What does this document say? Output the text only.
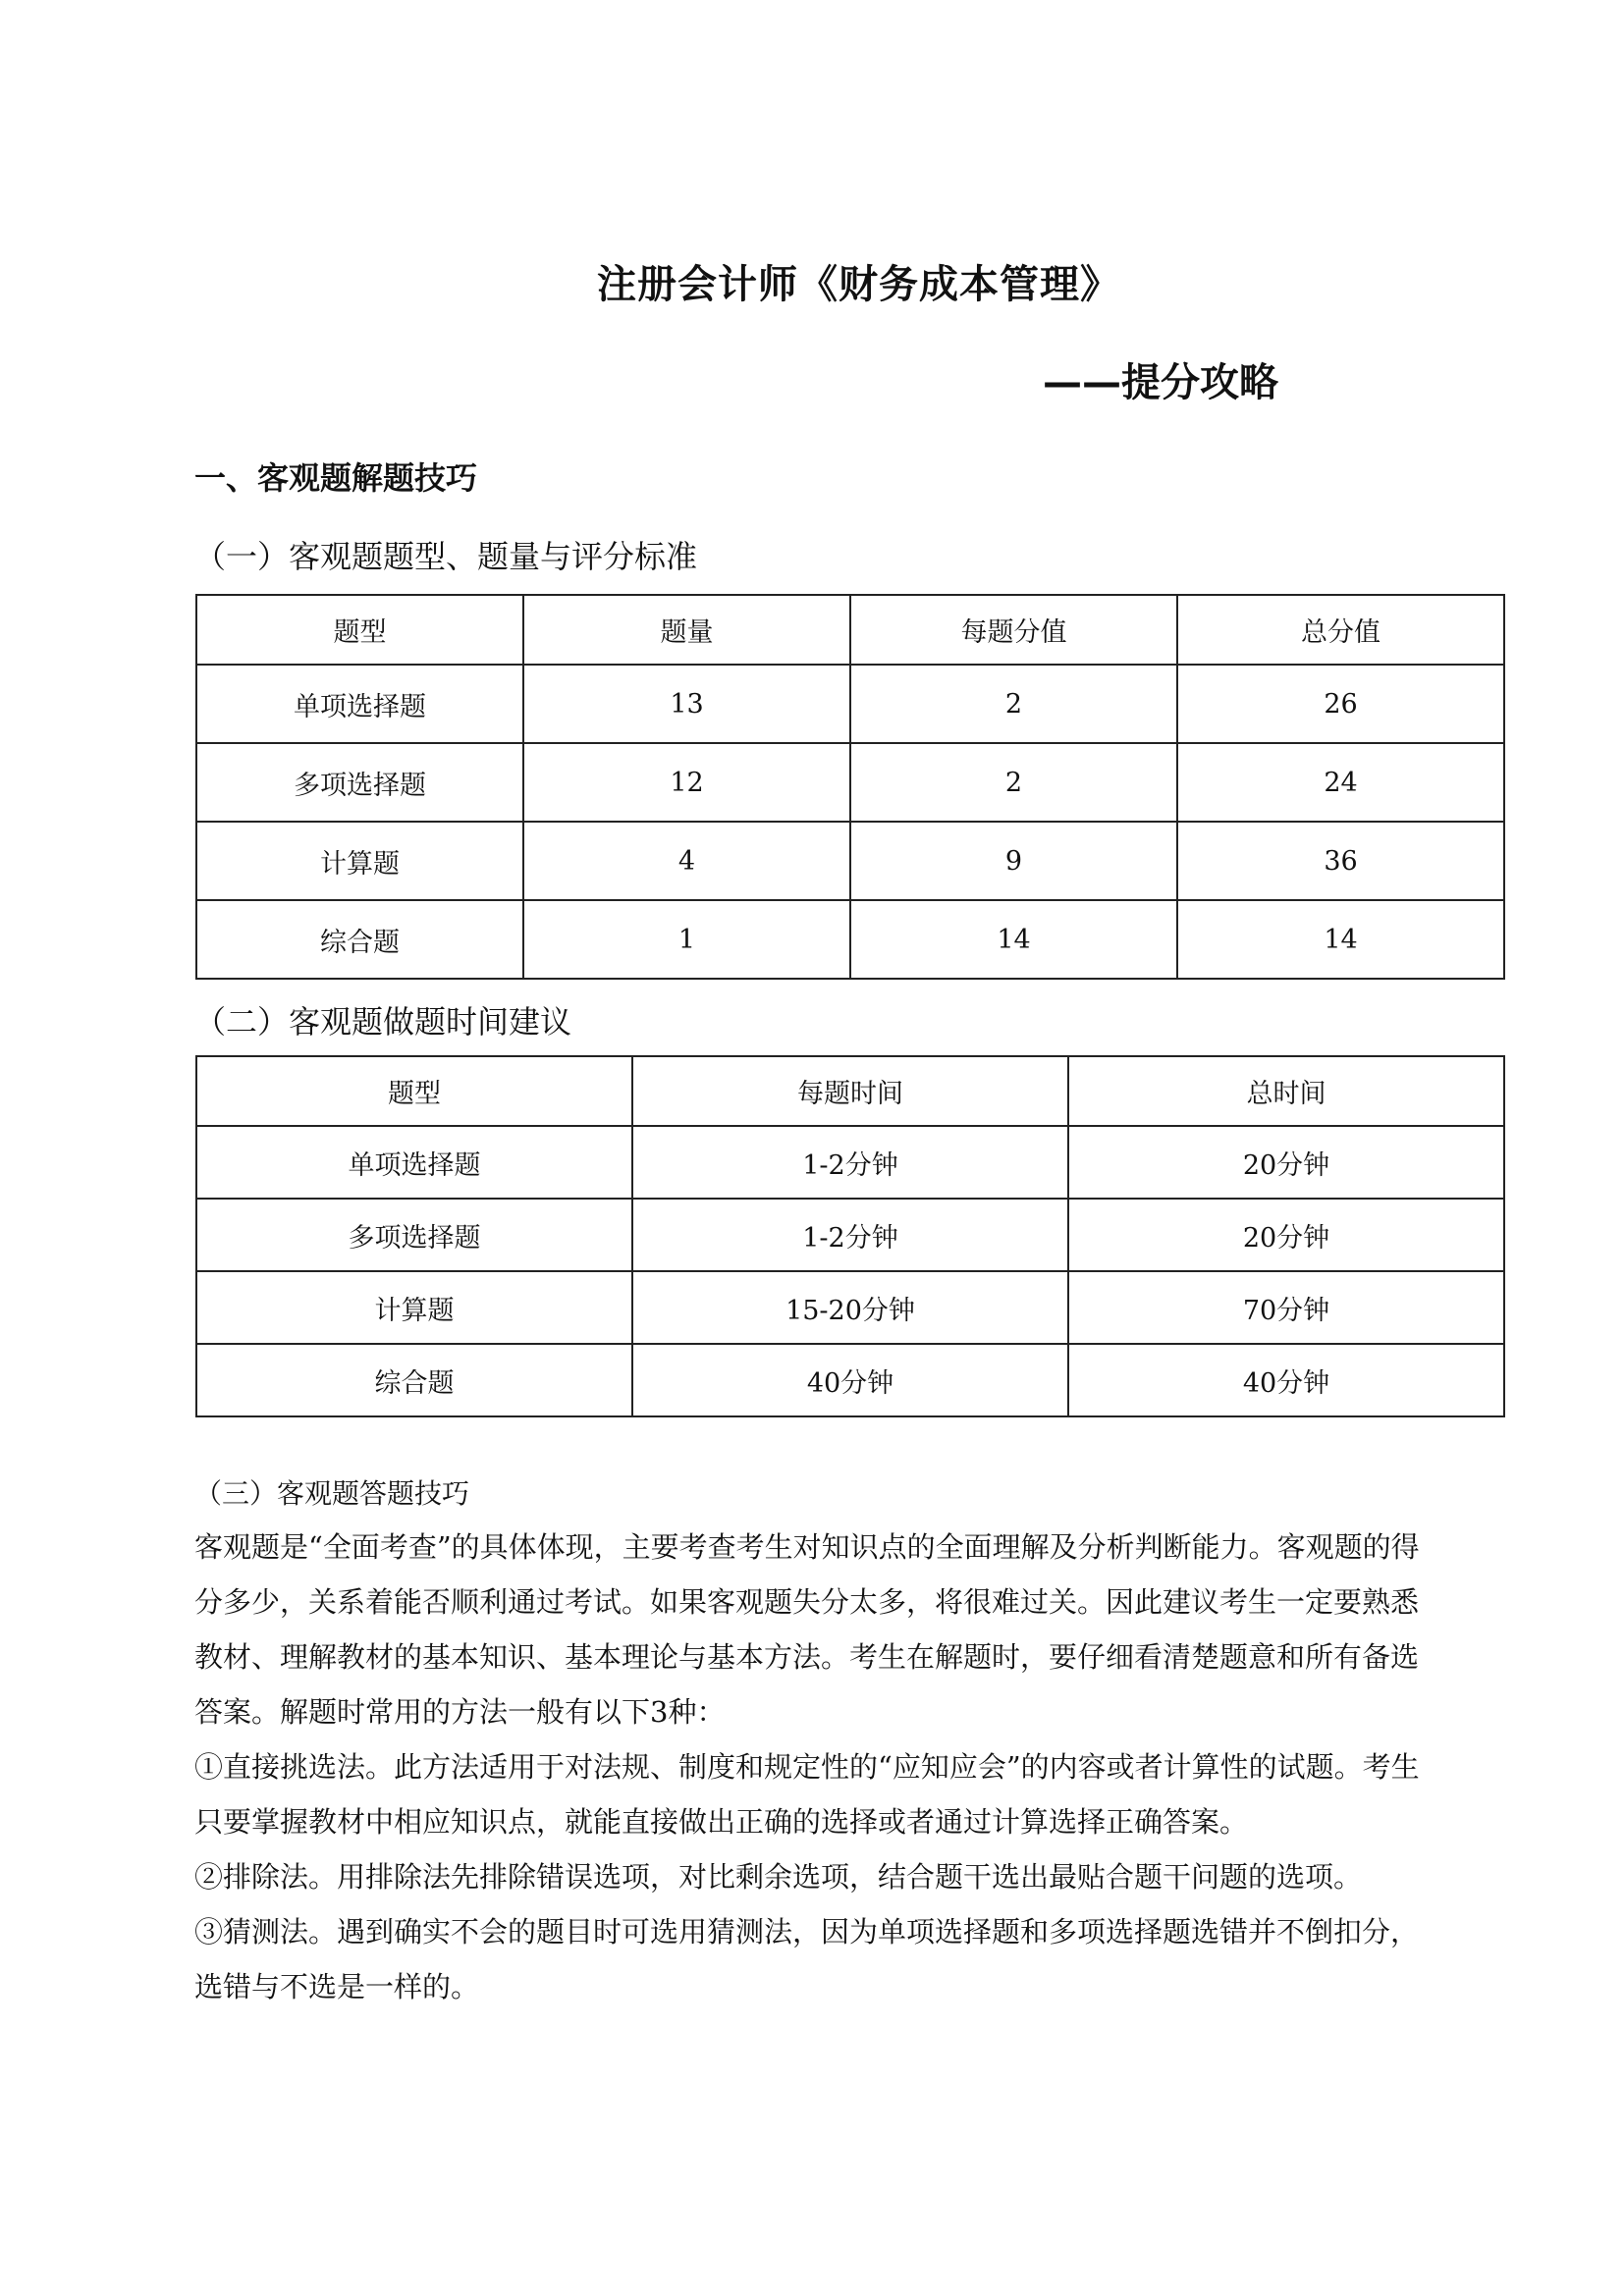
注册会计师《财务成本管理》
——提分攻略
一、客观题解题技巧
（一）客观题题型、题量与评分标准
题型	题量	每题分值	总分值
单项选择题	13	2	26
多项选择题	12	2	24
计算题	4	9	36
综合题	1	14	14
（二）客观题做题时间建议
题型	每题时间	总时间
单项选择题	1-2分钟	20分钟
多项选择题	1-2分钟	20分钟
计算题	15-20分钟	70分钟
综合题	40分钟	40分钟
（三）客观题答题技巧

客观题是“全面考查”的具体体现，主要考查考生对知识点的全面理解及分析判断能力。客观题的得分多少，关系着能否顺利通过考试。如果客观题失分太多，将很难过关。因此建议考生一定要熟悉教材、理解教材的基本知识、基本理论与基本方法。考生在解题时，要仔细看清楚题意和所有备选答案。解题时常用的方法一般有以下3种：

①直接挑选法。此方法适用于对法规、制度和规定性的“应知应会”的内容或者计算性的试题。考生只要掌握教材中相应知识点，就能直接做出正确的选择或者通过计算选择正确答案。

②排除法。用排除法先排除错误选项，对比剩余选项，结合题干选出最贴合题干问题的选项。

③猜测法。遇到确实不会的题目时可选用猜测法，因为单项选择题和多项选择题选错并不倒扣分，选错与不选是一样的。
